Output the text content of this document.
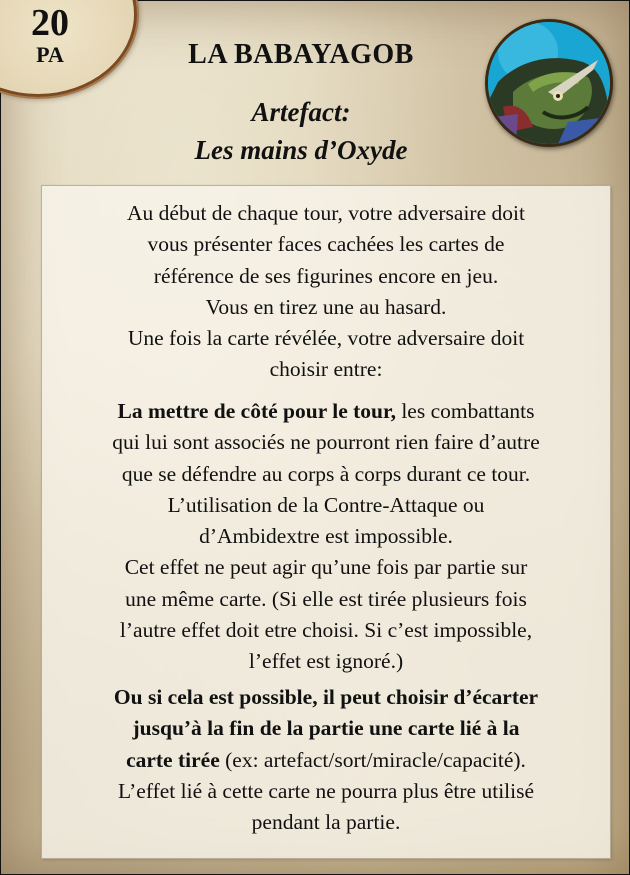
20
PA	LA BABAYAGOB
Artefact:
Les mains d’Oxyde
Au début de chaque tour, votre adversaire doit
vous présenter faces cachées les cartes de
référence de ses figurines encore en jeu.
Vous en tirez une au hasard.
Une fois la carte révélée, votre adversaire doit
choisir entre:
La mettre de côté pour le tour, les combattants
qui lui sont associés ne pourront rien faire d’autre
que se défendre au corps à corps durant ce tour.
L’utilisation de la Contre-Attaque ou
d’Ambidextre est impossible.
Cet effet ne peut agir qu’une fois par partie sur
une même carte. (Si elle est tirée plusieurs fois
l’autre effet doit etre choisi. Si c’est impossible,
l’effet est ignoré.)
Ou si cela est possible, il peut choisir d’écarter
jusqu’à la fin de la partie une carte lié à la
carte tirée (ex: artefact/sort/miracle/capacité).
L’effet lié à cette carte ne pourra plus être utilisé
pendant la partie.
